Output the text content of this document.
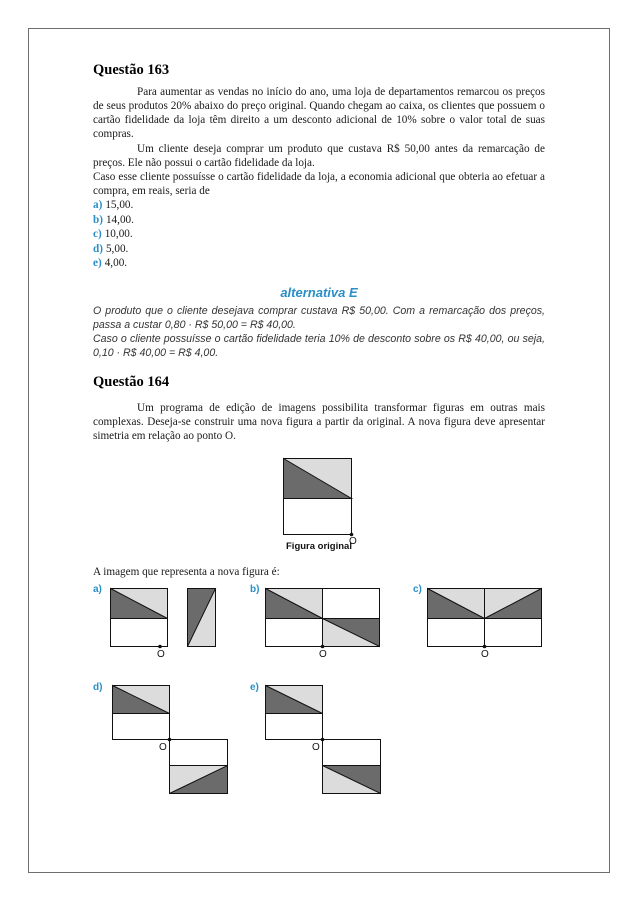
Questão 163
Para aumentar as vendas no início do ano, uma loja de departamentos remarcou os preços de seus produtos 20% abaixo do preço original. Quando chegam ao caixa, os clientes que possuem o cartão fidelidade da loja têm direito a um desconto adicional de 10% sobre o valor total de suas compras.
Um cliente deseja comprar um produto que custava R$ 50,00 antes da remarcação de preços. Ele não possui o cartão fidelidade da loja.
Caso esse cliente possuísse o cartão fidelidade da loja, a economia adicional que obteria ao efetuar a compra, em reais, seria de
a) 15,00.
b) 14,00.
c) 10,00.
d) 5,00.
e) 4,00.
alternativa E
O produto que o cliente desejava comprar custava R$ 50,00. Com a remarcação dos preços, passa a custar 0,80 · R$ 50,00 = R$ 40,00.
Caso o cliente possuísse o cartão fidelidade teria 10% de desconto sobre os R$ 40,00, ou seja, 0,10 · R$ 40,00 = R$ 4,00.
Questão 164
Um programa de edição de imagens possibilita transformar figuras em outras mais complexas. Deseja-se construir uma nova figura a partir da original. A nova figura deve apresentar simetria em relação ao ponto O.
O
Figura original
A imagem que representa a nova figura é:
a)
O
b)
O
c)
O
d)
O
e)
O
